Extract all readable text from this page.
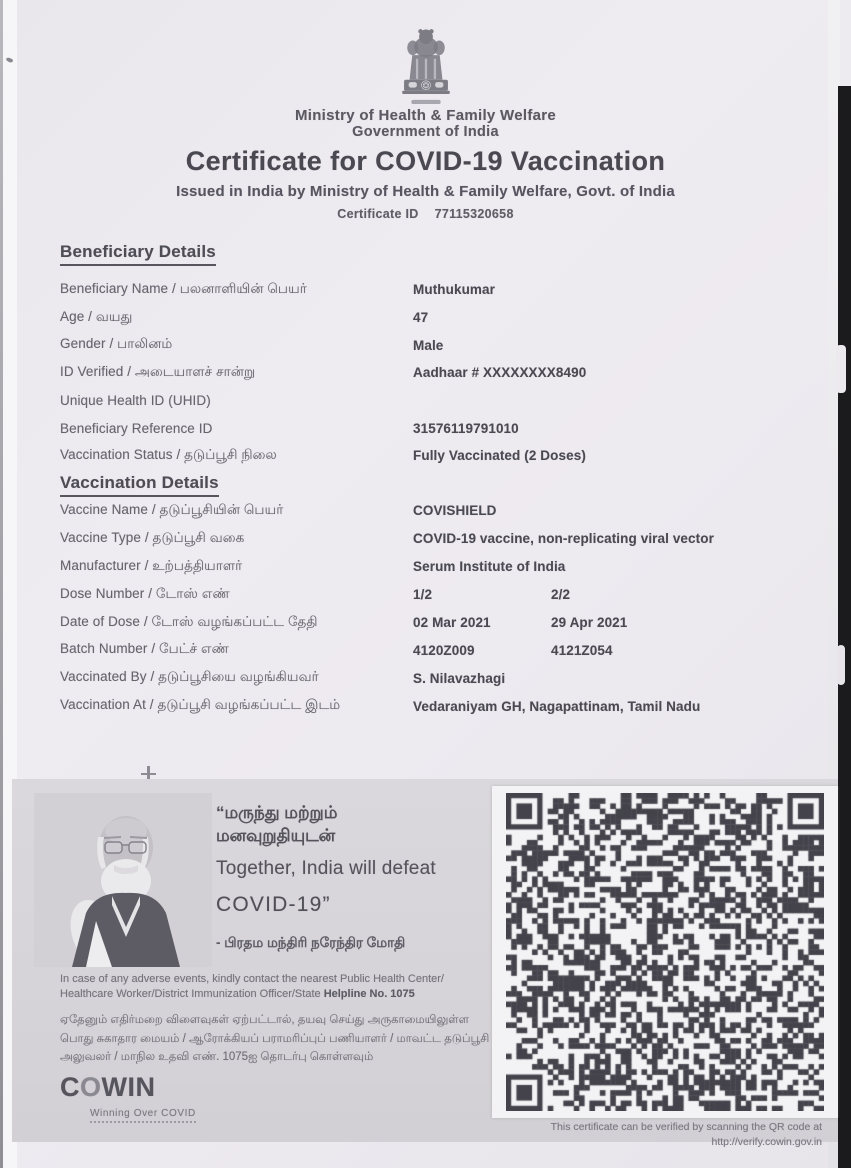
Ministry of Health & Family Welfare
Government of India
Certificate for COVID-19 Vaccination
Issued in India by Ministry of Health & Family Welfare, Govt. of India
Certificate ID 77115320658
Beneficiary Details
Beneficiary Name / பலனாளியின் பெயர்	Muthukumar
Age / வயது	47
Gender / பாலினம்	Male
ID Verified / அடையாளச் சான்று	Aadhaar # XXXXXXXX8490
Unique Health ID (UHID)
Beneficiary Reference ID	31576119791010
Vaccination Status / தடுப்பூசி நிலை	Fully Vaccinated (2 Doses)
Vaccination Details
Vaccine Name / தடுப்பூசியின் பெயர்	COVISHIELD
Vaccine Type / தடுப்பூசி வகை	COVID-19 vaccine, non-replicating viral vector
Manufacturer / உற்பத்தியாளர்	Serum Institute of India
Dose Number / டோஸ் எண்	1/2	2/2
Date of Dose / டோஸ் வழங்கப்பட்ட தேதி	02 Mar 2021	29 Apr 2021
Batch Number / பேட்ச் எண்	4120Z009	4121Z054
Vaccinated By / தடுப்பூசியை வழங்கியவர்	S. Nilavazhagi
Vaccination At / தடுப்பூசி வழங்கப்பட்ட இடம்	Vedaraniyam GH, Nagapattinam, Tamil Nadu
“மருந்து மற்றும்
மனவுறுதியுடன்
Together, India will defeat
COVID-19”
- பிரதம மந்திரி நரேந்திர மோதி
In case of any adverse events, kindly contact the nearest Public Health Center/
Healthcare Worker/District Immunization Officer/State Helpline No. 1075
ஏதேனும் எதிர்மறை விளைவுகள் ஏற்பட்டால், தயவு செய்து அருகாமையிலுள்ள பொது சுகாதார மையம் / ஆரோக்கியப் பராமரிப்புப் பணியாளர் / மாவட்ட தடுப்பூசி அலுவலர் / மாநில உதவி எண். 1075ஐ தொடர்பு கொள்ளவும்
COWIN
Winning Over COVID
This certificate can be verified by scanning the QR code at
http://verify.cowin.gov.in
